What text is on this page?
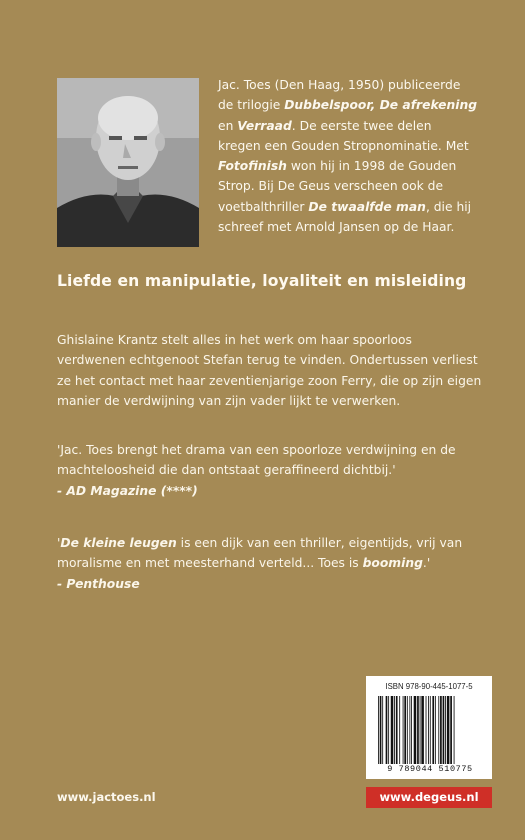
Jac. Toes (Den Haag, 1950) publiceerde de trilogie Dubbelspoor, De afrekening en Verraad. De eerste twee delen kregen een Gouden Stropnominatie. Met Fotofinish won hij in 1998 de Gouden Strop. Bij De Geus verscheen ook de voetbalthriller De twaalfde man, die hij schreef met Arnold Jansen op de Haar.

Liefde en manipulatie, loyaliteit en misleiding
Ghislaine Krantz stelt alles in het werk om haar spoorloos verdwenen echtgenoot Stefan terug te vinden. Ondertussen verliest ze het contact met haar zeventienjarige zoon Ferry, die op zijn eigen manier de verdwijning van zijn vader lijkt te verwerken.
'Jac. Toes brengt het drama van een spoorloze verdwijning en de machteloosheid die dan ontstaat geraffineerd dichtbij.'
- AD Magazine (****)
'De kleine leugen is een dijk van een thriller, eigentijds, vrij van moralisme en met meesterhand verteld... Toes is booming.'
- Penthouse
ISBN 978-90-445-1077-5
9 789044 510775
www.jactoes.nl	www.degeus.nl
